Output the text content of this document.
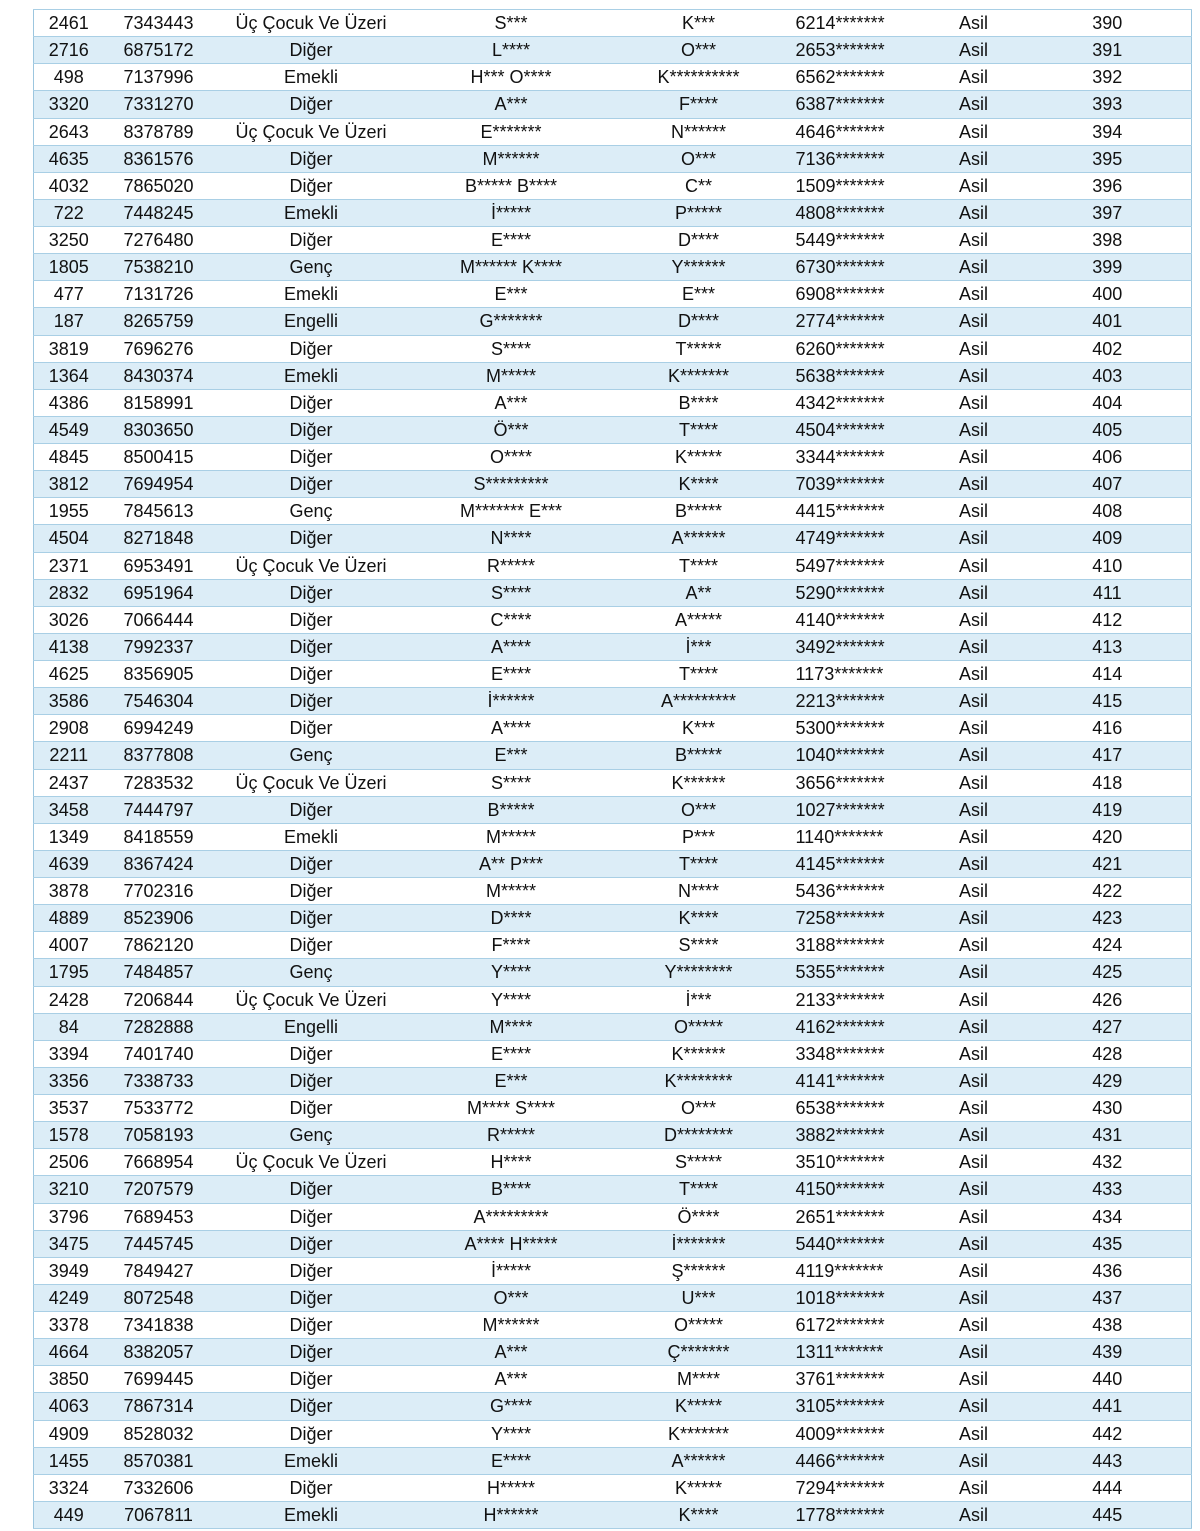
2461	7343443	Üç Çocuk Ve Üzeri	S***	K***	6214*******	Asil	390
2716	6875172	Diğer	L****	O***	2653*******	Asil	391
498	7137996	Emekli	H*** O****	K**********	6562*******	Asil	392
3320	7331270	Diğer	A***	F****	6387*******	Asil	393
2643	8378789	Üç Çocuk Ve Üzeri	E*******	N******	4646*******	Asil	394
4635	8361576	Diğer	M******	O***	7136*******	Asil	395
4032	7865020	Diğer	B***** B****	C**	1509*******	Asil	396
722	7448245	Emekli	İ*****	P*****	4808*******	Asil	397
3250	7276480	Diğer	E****	D****	5449*******	Asil	398
1805	7538210	Genç	M****** K****	Y******	6730*******	Asil	399
477	7131726	Emekli	E***	E***	6908*******	Asil	400
187	8265759	Engelli	G*******	D****	2774*******	Asil	401
3819	7696276	Diğer	S****	T*****	6260*******	Asil	402
1364	8430374	Emekli	M*****	K*******	5638*******	Asil	403
4386	8158991	Diğer	A***	B****	4342*******	Asil	404
4549	8303650	Diğer	Ö***	T****	4504*******	Asil	405
4845	8500415	Diğer	O****	K*****	3344*******	Asil	406
3812	7694954	Diğer	S*********	K****	7039*******	Asil	407
1955	7845613	Genç	M******* E***	B*****	4415*******	Asil	408
4504	8271848	Diğer	N****	A******	4749*******	Asil	409
2371	6953491	Üç Çocuk Ve Üzeri	R*****	T****	5497*******	Asil	410
2832	6951964	Diğer	S****	A**	5290*******	Asil	411
3026	7066444	Diğer	C****	A*****	4140*******	Asil	412
4138	7992337	Diğer	A****	İ***	3492*******	Asil	413
4625	8356905	Diğer	E****	T****	1173*******	Asil	414
3586	7546304	Diğer	İ******	A*********	2213*******	Asil	415
2908	6994249	Diğer	A****	K***	5300*******	Asil	416
2211	8377808	Genç	E***	B*****	1040*******	Asil	417
2437	7283532	Üç Çocuk Ve Üzeri	S****	K******	3656*******	Asil	418
3458	7444797	Diğer	B*****	O***	1027*******	Asil	419
1349	8418559	Emekli	M*****	P***	1140*******	Asil	420
4639	8367424	Diğer	A** P***	T****	4145*******	Asil	421
3878	7702316	Diğer	M*****	N****	5436*******	Asil	422
4889	8523906	Diğer	D****	K****	7258*******	Asil	423
4007	7862120	Diğer	F****	S****	3188*******	Asil	424
1795	7484857	Genç	Y****	Y********	5355*******	Asil	425
2428	7206844	Üç Çocuk Ve Üzeri	Y****	İ***	2133*******	Asil	426
84	7282888	Engelli	M****	O*****	4162*******	Asil	427
3394	7401740	Diğer	E****	K******	3348*******	Asil	428
3356	7338733	Diğer	E***	K********	4141*******	Asil	429
3537	7533772	Diğer	M**** S****	O***	6538*******	Asil	430
1578	7058193	Genç	R*****	D********	3882*******	Asil	431
2506	7668954	Üç Çocuk Ve Üzeri	H****	S*****	3510*******	Asil	432
3210	7207579	Diğer	B****	T****	4150*******	Asil	433
3796	7689453	Diğer	A*********	Ö****	2651*******	Asil	434
3475	7445745	Diğer	A**** H*****	İ*******	5440*******	Asil	435
3949	7849427	Diğer	İ*****	Ş******	4119*******	Asil	436
4249	8072548	Diğer	O***	U***	1018*******	Asil	437
3378	7341838	Diğer	M******	O*****	6172*******	Asil	438
4664	8382057	Diğer	A***	Ç*******	1311*******	Asil	439
3850	7699445	Diğer	A***	M****	3761*******	Asil	440
4063	7867314	Diğer	G****	K*****	3105*******	Asil	441
4909	8528032	Diğer	Y****	K*******	4009*******	Asil	442
1455	8570381	Emekli	E****	A******	4466*******	Asil	443
3324	7332606	Diğer	H*****	K*****	7294*******	Asil	444
449	7067811	Emekli	H******	K****	1778*******	Asil	445
